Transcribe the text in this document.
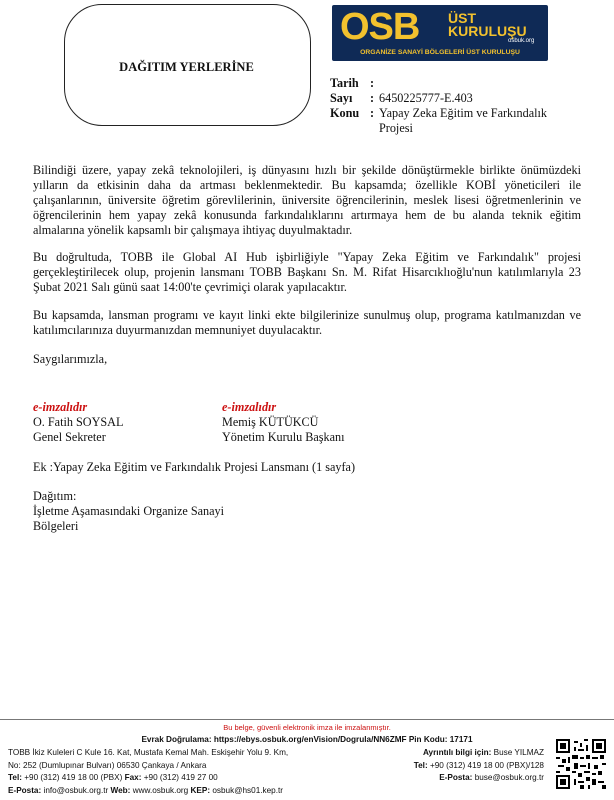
DAĞITIM YERLERİNE
OSB ÜST
KURULUŞU
osbuk.org
ORGANİZE SANAYİ BÖLGELERİ ÜST KURULUŞU
Tarih :
Sayı	: 6450225777-E.403
Konu : Yapay Zeka Eğitim ve Farkındalık Projesi
Bilindiği üzere, yapay zekâ teknolojileri, iş dünyasını hızlı bir şekilde dönüştürmekle birlikte önümüzdeki yılların da etkisinin daha da artması beklenmektedir. Bu kapsamda; özellikle KOBİ yöneticileri ile çalışanlarının, üniversite öğretim görevlilerinin, üniversite öğrencilerinin, meslek lisesi öğretmenlerinin ve öğrencilerinin hem yapay zekâ konusunda farkındalıklarını artırmaya hem de bu alanda teknik eğitim almalarına yönelik kapsamlı bir çalışmaya ihtiyaç duyulmaktadır.
Bu doğrultuda, TOBB ile Global AI Hub işbirliğiyle "Yapay Zeka Eğitim ve Farkındalık" projesi gerçekleştirilecek olup, projenin lansmanı TOBB Başkanı Sn. M. Rifat Hisarcıklıoğlu'nun katılımlarıyla 23 Şubat 2021 Salı günü saat 14:00'te çevrimiçi olarak yapılacaktır.
Bu kapsamda, lansman programı ve kayıt linki ekte bilgilerinize sunulmuş olup, programa katılmanızdan ve katılımcılarınıza duyurmanızdan memnuniyet duyulacaktır.
Saygılarımızla,
e-imzalıdır
O. Fatih SOYSAL
Genel Sekreter
e-imzalıdır
Memiş KÜTÜKCÜ
Yönetim Kurulu Başkanı
Ek :Yapay Zeka Eğitim ve Farkındalık Projesi Lansmanı (1 sayfa)
Dağıtım:
İşletme Aşamasındaki Organize Sanayi
Bölgeleri
Bu belge, güvenli elektronik imza ile imzalanmıştır.
Evrak Doğrulama: https://ebys.osbuk.org/enVision/Dogrula/NN6ZMF Pin Kodu: 17171
TOBB İkiz Kuleleri C Kule 16. Kat, Mustafa Kemal Mah. Eskişehir Yolu 9. Km,
No: 252 (Dumlupınar Bulvarı) 06530 Çankaya / Ankara
Tel: +90 (312) 419 18 00 (PBX) Fax: +90 (312) 419 27 00
E-Posta: info@osbuk.org.tr Web: www.osbuk.org KEP: osbuk@hs01.kep.tr
Ayrıntılı bilgi için: Buse YILMAZ
Tel: +90 (312) 419 18 00 (PBX)/128
E-Posta: buse@osbuk.org.tr
